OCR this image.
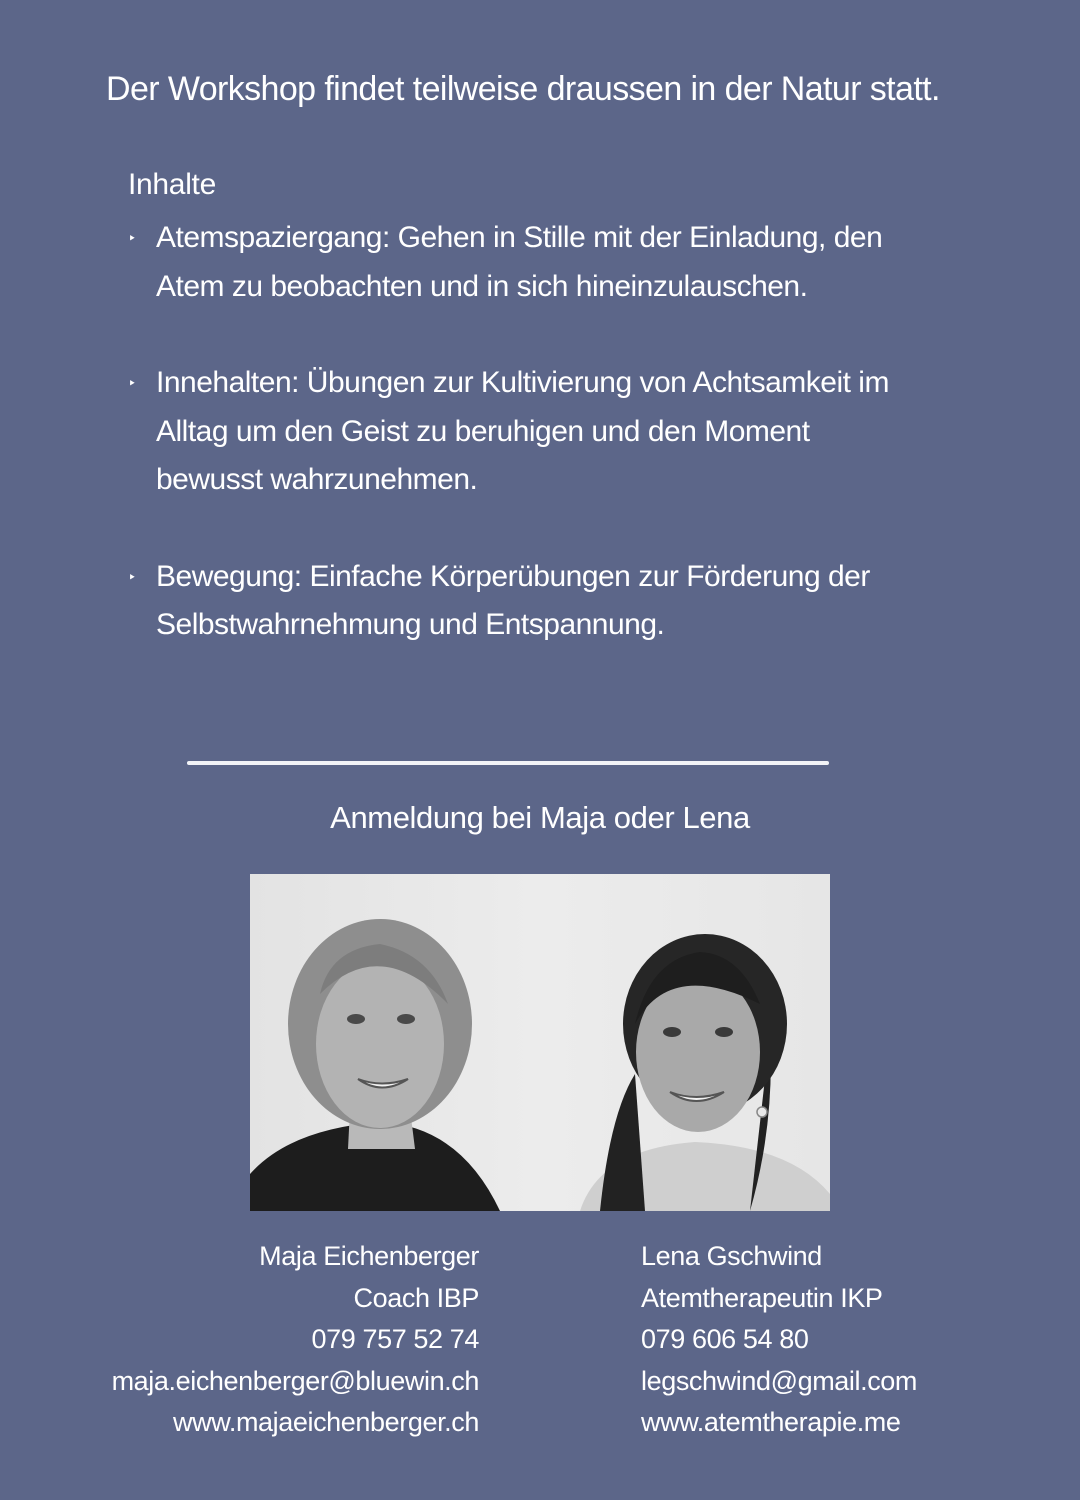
Der Workshop findet teilweise draussen in der Natur statt.
Inhalte
‣ Atemspaziergang: Gehen in Stille mit der Einladung, den
Atem zu beobachten und in sich hineinzulauschen.
‣ Innehalten: Übungen zur Kultivierung von Achtsamkeit im
Alltag um den Geist zu beruhigen und den Moment
bewusst wahrzunehmen.
‣ Bewegung: Einfache Körperübungen zur Förderung der
Selbstwahrnehmung und Entspannung.
Anmeldung bei Maja oder Lena
Maja Eichenberger
Coach IBP
079 757 52 74
maja.eichenberger@bluewin.ch
www.majaeichenberger.ch
Lena Gschwind
Atemtherapeutin IKP
079 606 54 80
legschwind@gmail.com
www.atemtherapie.me
